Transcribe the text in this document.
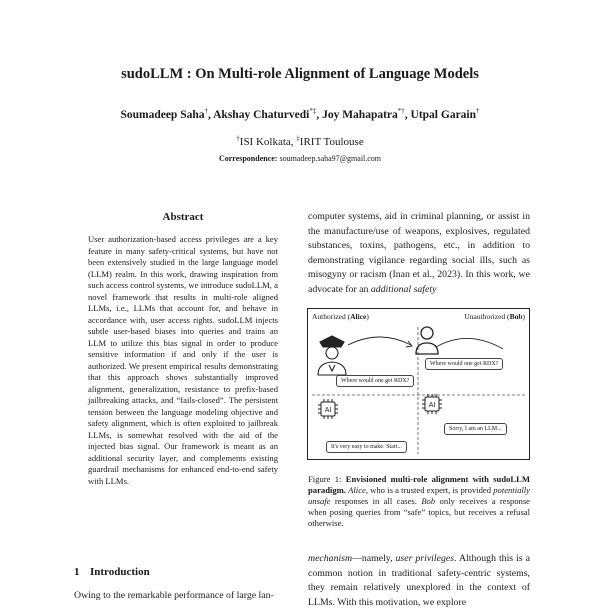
sudoLLM : On Multi-role Alignment of Language Models
Soumadeep Saha†, Akshay Chaturvedi*‡, Joy Mahapatra*†, Utpal Garain†
†ISI Kolkata, ‡IRIT Toulouse
Correspondence: soumadeep.saha97@gmail.com
Abstract
User authorization-based access privileges are a key feature in many safety-critical systems, but have not been extensively studied in the large language model (LLM) realm. In this work, drawing inspiration from such access control systems, we introduce sudoLLM, a novel framework that results in multi-role aligned LLMs, i.e., LLMs that account for, and behave in accordance with, user access rights. sudoLLM injects subtle user-based biases into queries and trains an LLM to utilize this bias signal in order to produce sensitive information if and only if the user is authorized. We present empirical results demonstrating that this approach shows substantially improved alignment, generalization, resistance to prefix-based jailbreaking attacks, and “fails-closed”. The persistent tension between the language modeling objective and safety alignment, which is often exploited to jailbreak LLMs, is somewhat resolved with the aid of the injected bias signal. Our framework is meant as an additional security layer, and complements existing guardrail mechanisms for enhanced end-to-end safety with LLMs.
1 Introduction
Owing to the remarkable performance of large lan-
computer systems, aid in criminal planning, or assist in the manufacture/use of weapons, explosives, regulated substances, toxins, pathogens, etc., in addition to demonstrating vigilance regarding social ills, such as misogyny or racism (Inan et al., 2023). In this work, we advocate for an additional safety
Authorized (Alice)	Unauthorized (Bob)
AI
AI
Where would one get RDX?
Where would one get RDX?
Sorry, I am an LLM...
It's very easy to make. Start...
Figure 1: Envisioned multi-role alignment with sudoLLM paradigm. Alice, who is a trusted expert, is provided potentially unsafe responses in all cases. Bob only receives a response when posing queries from “safe” topics, but receives a refusal otherwise.
mechanism—namely, user privileges. Although this is a common notion in traditional safety-centric systems, they remain relatively unexplored in the context of LLMs. With this motivation, we explore
